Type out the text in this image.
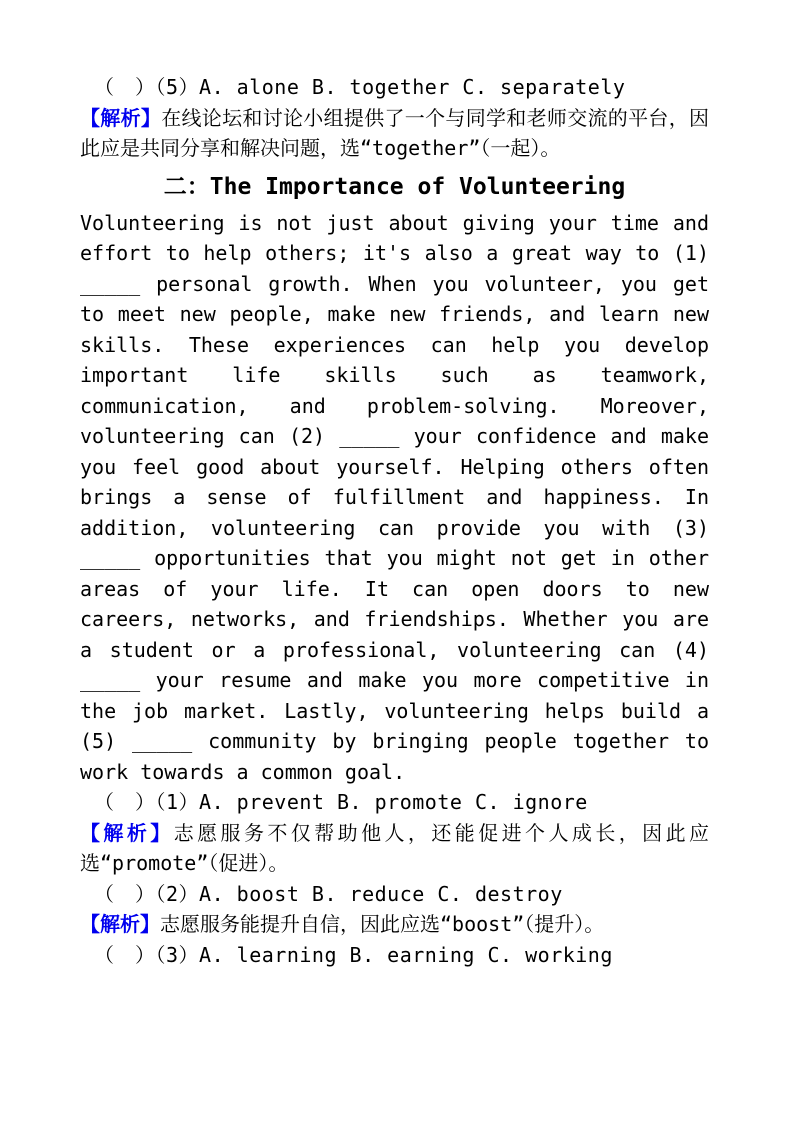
（　）（5）A. alone B. together C. separately

【解析】在线论坛和讨论小组提供了一个与同学和老师交流的平台，因此应是共同分享和解决问题，选“together”（一起）。

二：The Importance of Volunteering

Volunteering is not just about giving your time and effort to help others; it's also a great way to (1) _____ personal growth. When you volunteer, you get to meet new people, make new friends, and learn new skills. These experiences can help you develop important life skills such as teamwork, communication, and problem-solving. Moreover, volunteering can (2) _____ your confidence and make you feel good about yourself. Helping others often brings a sense of fulfillment and happiness. In addition, volunteering can provide you with (3) _____ opportunities that you might not get in other areas of your life. It can open doors to new careers, networks, and friendships. Whether you are a student or a professional, volunteering can (4) _____ your resume and make you more competitive in the job market. Lastly, volunteering helps build a (5) _____ community by bringing people together to work towards a common goal.

（　）（1）A. prevent B. promote C. ignore

【解析】志愿服务不仅帮助他人，还能促进个人成长，因此应选“promote”（促进）。

（　）（2）A. boost B. reduce C. destroy

【解析】志愿服务能提升自信，因此应选“boost”（提升）。

（　）（3）A. learning B. earning C. working
